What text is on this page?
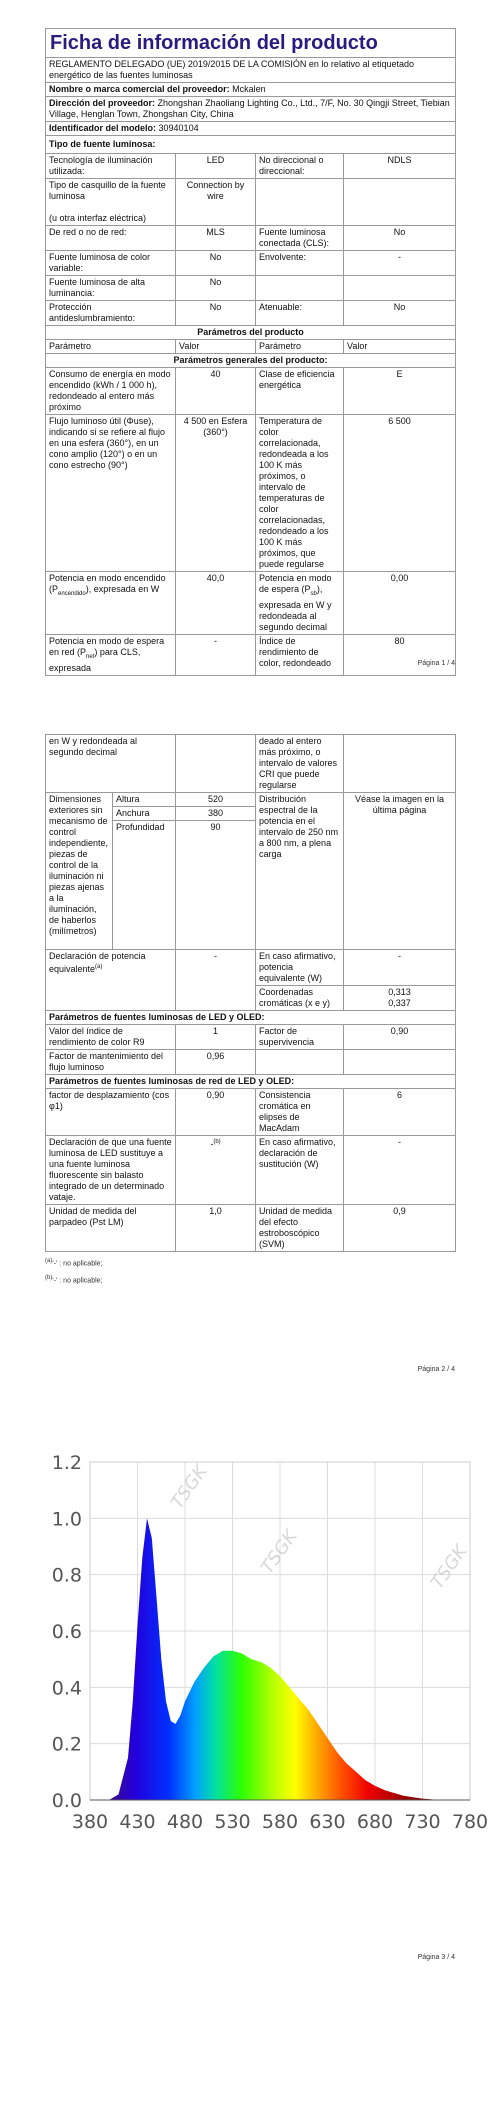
Ficha de información del producto			
REGLAMENTO DELEGADO (UE) 2019/2015 DE LA COMISIÓN en lo relativo al etiquetado energético de las fuentes luminosas			
Nombre o marca comercial del proveedor: Mckalen			
Dirección del proveedor: Zhongshan Zhaoliang Lighting Co., Ltd., 7/F, No. 30 Qingji Street, Tiebian Village, Henglan Town, Zhongshan City, China			
Identificador del modelo: 30940104			
Tipo de fuente luminosa:			
Tecnología de iluminación utilizada:	LED	No direccional o direccional:	NDLS
Tipo de casquillo de la fuente luminosa

(u otra interfaz eléctrica)	Connection by wire		
De red o no de red:	MLS	Fuente luminosa conectada (CLS):	No
Fuente luminosa de color variable:	No	Envolvente:	-
Fuente luminosa de alta luminancia:	No		
Protección antideslumbramiento:	No	Atenuable:	No
Parámetros del producto			
Parámetro	Valor	Parámetro	Valor
Parámetros generales del producto:			
Consumo de energía en modo encendido (kWh / 1 000 h), redondeado al entero más próximo	40	Clase de eficiencia energética	E
Flujo luminoso útil (Φuse), indicando si se refiere al flujo en una esfera (360°), en un cono amplio (120°) o en un cono estrecho (90°)	4 500 en Esfera (360°)	Temperatura de color correlacionada, redondeada a los 100 K más próximos, o intervalo de temperaturas de color correlacionadas, redondeado a los 100 K más próximos, que puede regularse	6 500
Potencia en modo encendido $(P_{encendido})$, expresada en W	40,0	Potencia en modo de espera $(P_{sb})$, expresada en W y redondeada al segundo decimal	0,00
Potencia en modo de espera en red $(P_{net})$ para CLS, expresada	-	Índice de rendimiento de color, redondeado	80
Página 1 / 4
en W y redondeada al segundo decimal			deado al entero más próximo, o intervalo de valores CRI que puede regularse	
Dimensiones exteriores sin mecanismo de control independiente, piezas de control de la iluminación ni piezas ajenas a la iluminación, de haberlos (milímetros)	Altura	520	Distribución espectral de la potencia en el intervalo de 250 nm a 800 nm, a plena carga	Véase la imagen en la última página
	Anchura	380		
	Profundidad	90		
Declaración de potencia equivalente$^{(a)}$		-	En caso afirmativo, potencia equivalente (W)	-
			Coordenadas cromáticas (x e y)	0,313
0,337
Parámetros de fuentes luminosas de LED y OLED:				
Valor del índice de rendimiento de color R9		1	Factor de supervivencia	0,90
Factor de mantenimiento del flujo luminoso		0,96		
Parámetros de fuentes luminosas de red de LED y OLED:				
factor de desplazamiento (cos φ1)		0,90	Consistencia cromática en elipses de MacAdam	6
Declaración de que una fuente luminosa de LED sustituye a una fuente luminosa fluorescente sin balasto integrado de un determinado vataje.		-$^{(b)}$	En caso afirmativo, declaración de sustitución (W)	-
Unidad de medida del parpadeo (Pst LM)		1,0	Unidad de medida del efecto estroboscópico (SVM)	0,9
(a)'-' : no aplicable;
(b)'-' : no aplicable;
Página 2 / 4
0.0
0.2
0.4
0.6
0.8
1.0
1.2
380 430 480 530 580 630 680 730 780
TSGK
TSGK	TSGK
Página 3 / 4
